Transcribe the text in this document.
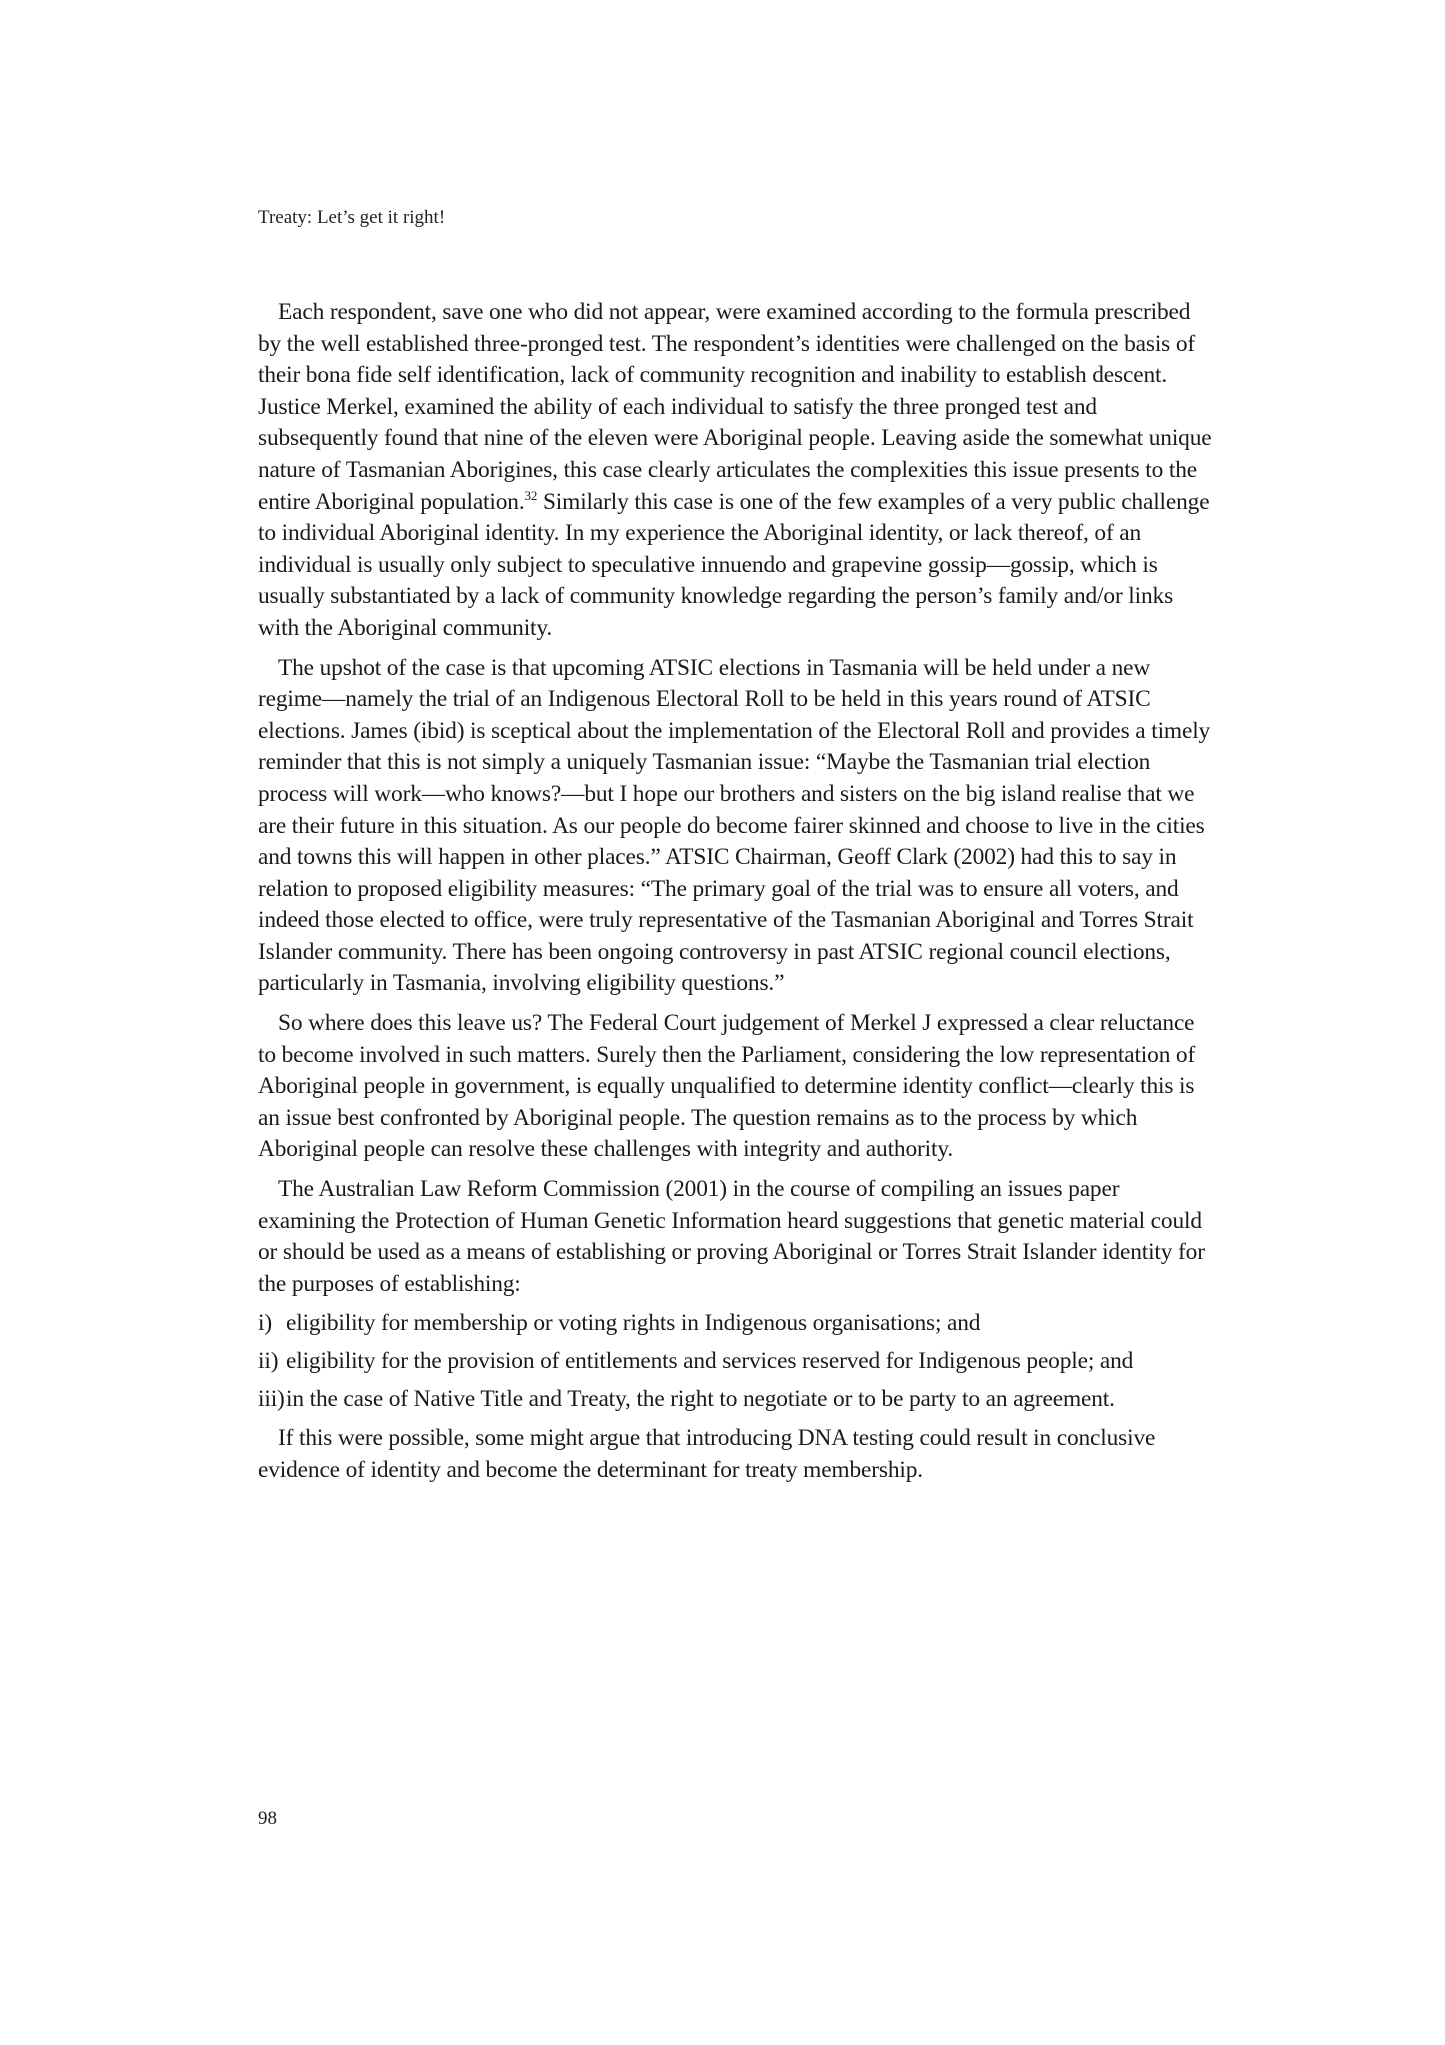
Treaty: Let’s get it right!

Each respondent, save one who did not appear, were examined according to the formula prescribed by the well established three-pronged test. The respondent’s identities were challenged on the basis of their bona fide self identification, lack of community recognition and inability to establish descent. Justice Merkel, examined the ability of each individual to satisfy the three pronged test and subsequently found that nine of the eleven were Aboriginal people. Leaving aside the somewhat unique nature of Tasmanian Aborigines, this case clearly articulates the complexities this issue presents to the entire Aboriginal population.$^{32}$ Similarly this case is one of the few examples of a very public challenge to individual Aboriginal identity. In my experience the Aboriginal identity, or lack thereof, of an individual is usually only subject to speculative innuendo and grapevine gossip—gossip, which is usually substantiated by a lack of community knowledge regarding the person’s family and/or links with the Aboriginal community.

The upshot of the case is that upcoming ATSIC elections in Tasmania will be held under a new regime—namely the trial of an Indigenous Electoral Roll to be held in this years round of ATSIC elections. James (ibid) is sceptical about the implementation of the Electoral Roll and provides a timely reminder that this is not simply a uniquely Tasmanian issue: “Maybe the Tasmanian trial election process will work—who knows?—but I hope our brothers and sisters on the big island realise that we are their future in this situation. As our people do become fairer skinned and choose to live in the cities and towns this will happen in other places.” ATSIC Chairman, Geoff Clark (2002) had this to say in relation to proposed eligibility measures: “The primary goal of the trial was to ensure all voters, and indeed those elected to office, were truly representative of the Tasmanian Aboriginal and Torres Strait Islander community. There has been ongoing controversy in past ATSIC regional council elections, particularly in Tasmania, involving eligibility questions.”

So where does this leave us? The Federal Court judgement of Merkel J expressed a clear reluctance to become involved in such matters. Surely then the Parliament, considering the low representation of Aboriginal people in government, is equally unqualified to determine identity conflict—clearly this is an issue best confronted by Aboriginal people. The question remains as to the process by which Aboriginal people can resolve these challenges with integrity and authority.

The Australian Law Reform Commission (2001) in the course of compiling an issues paper examining the Protection of Human Genetic Information heard suggestions that genetic material could or should be used as a means of establishing or proving Aboriginal or Torres Strait Islander identity for the purposes of establishing:

i) eligibility for membership or voting rights in Indigenous organisations; and
ii) eligibility for the provision of entitlements and services reserved for Indigenous people; and
iii) in the case of Native Title and Treaty, the right to negotiate or to be party to an agreement.

If this were possible, some might argue that introducing DNA testing could result in conclusive evidence of identity and become the determinant for treaty membership.

98
